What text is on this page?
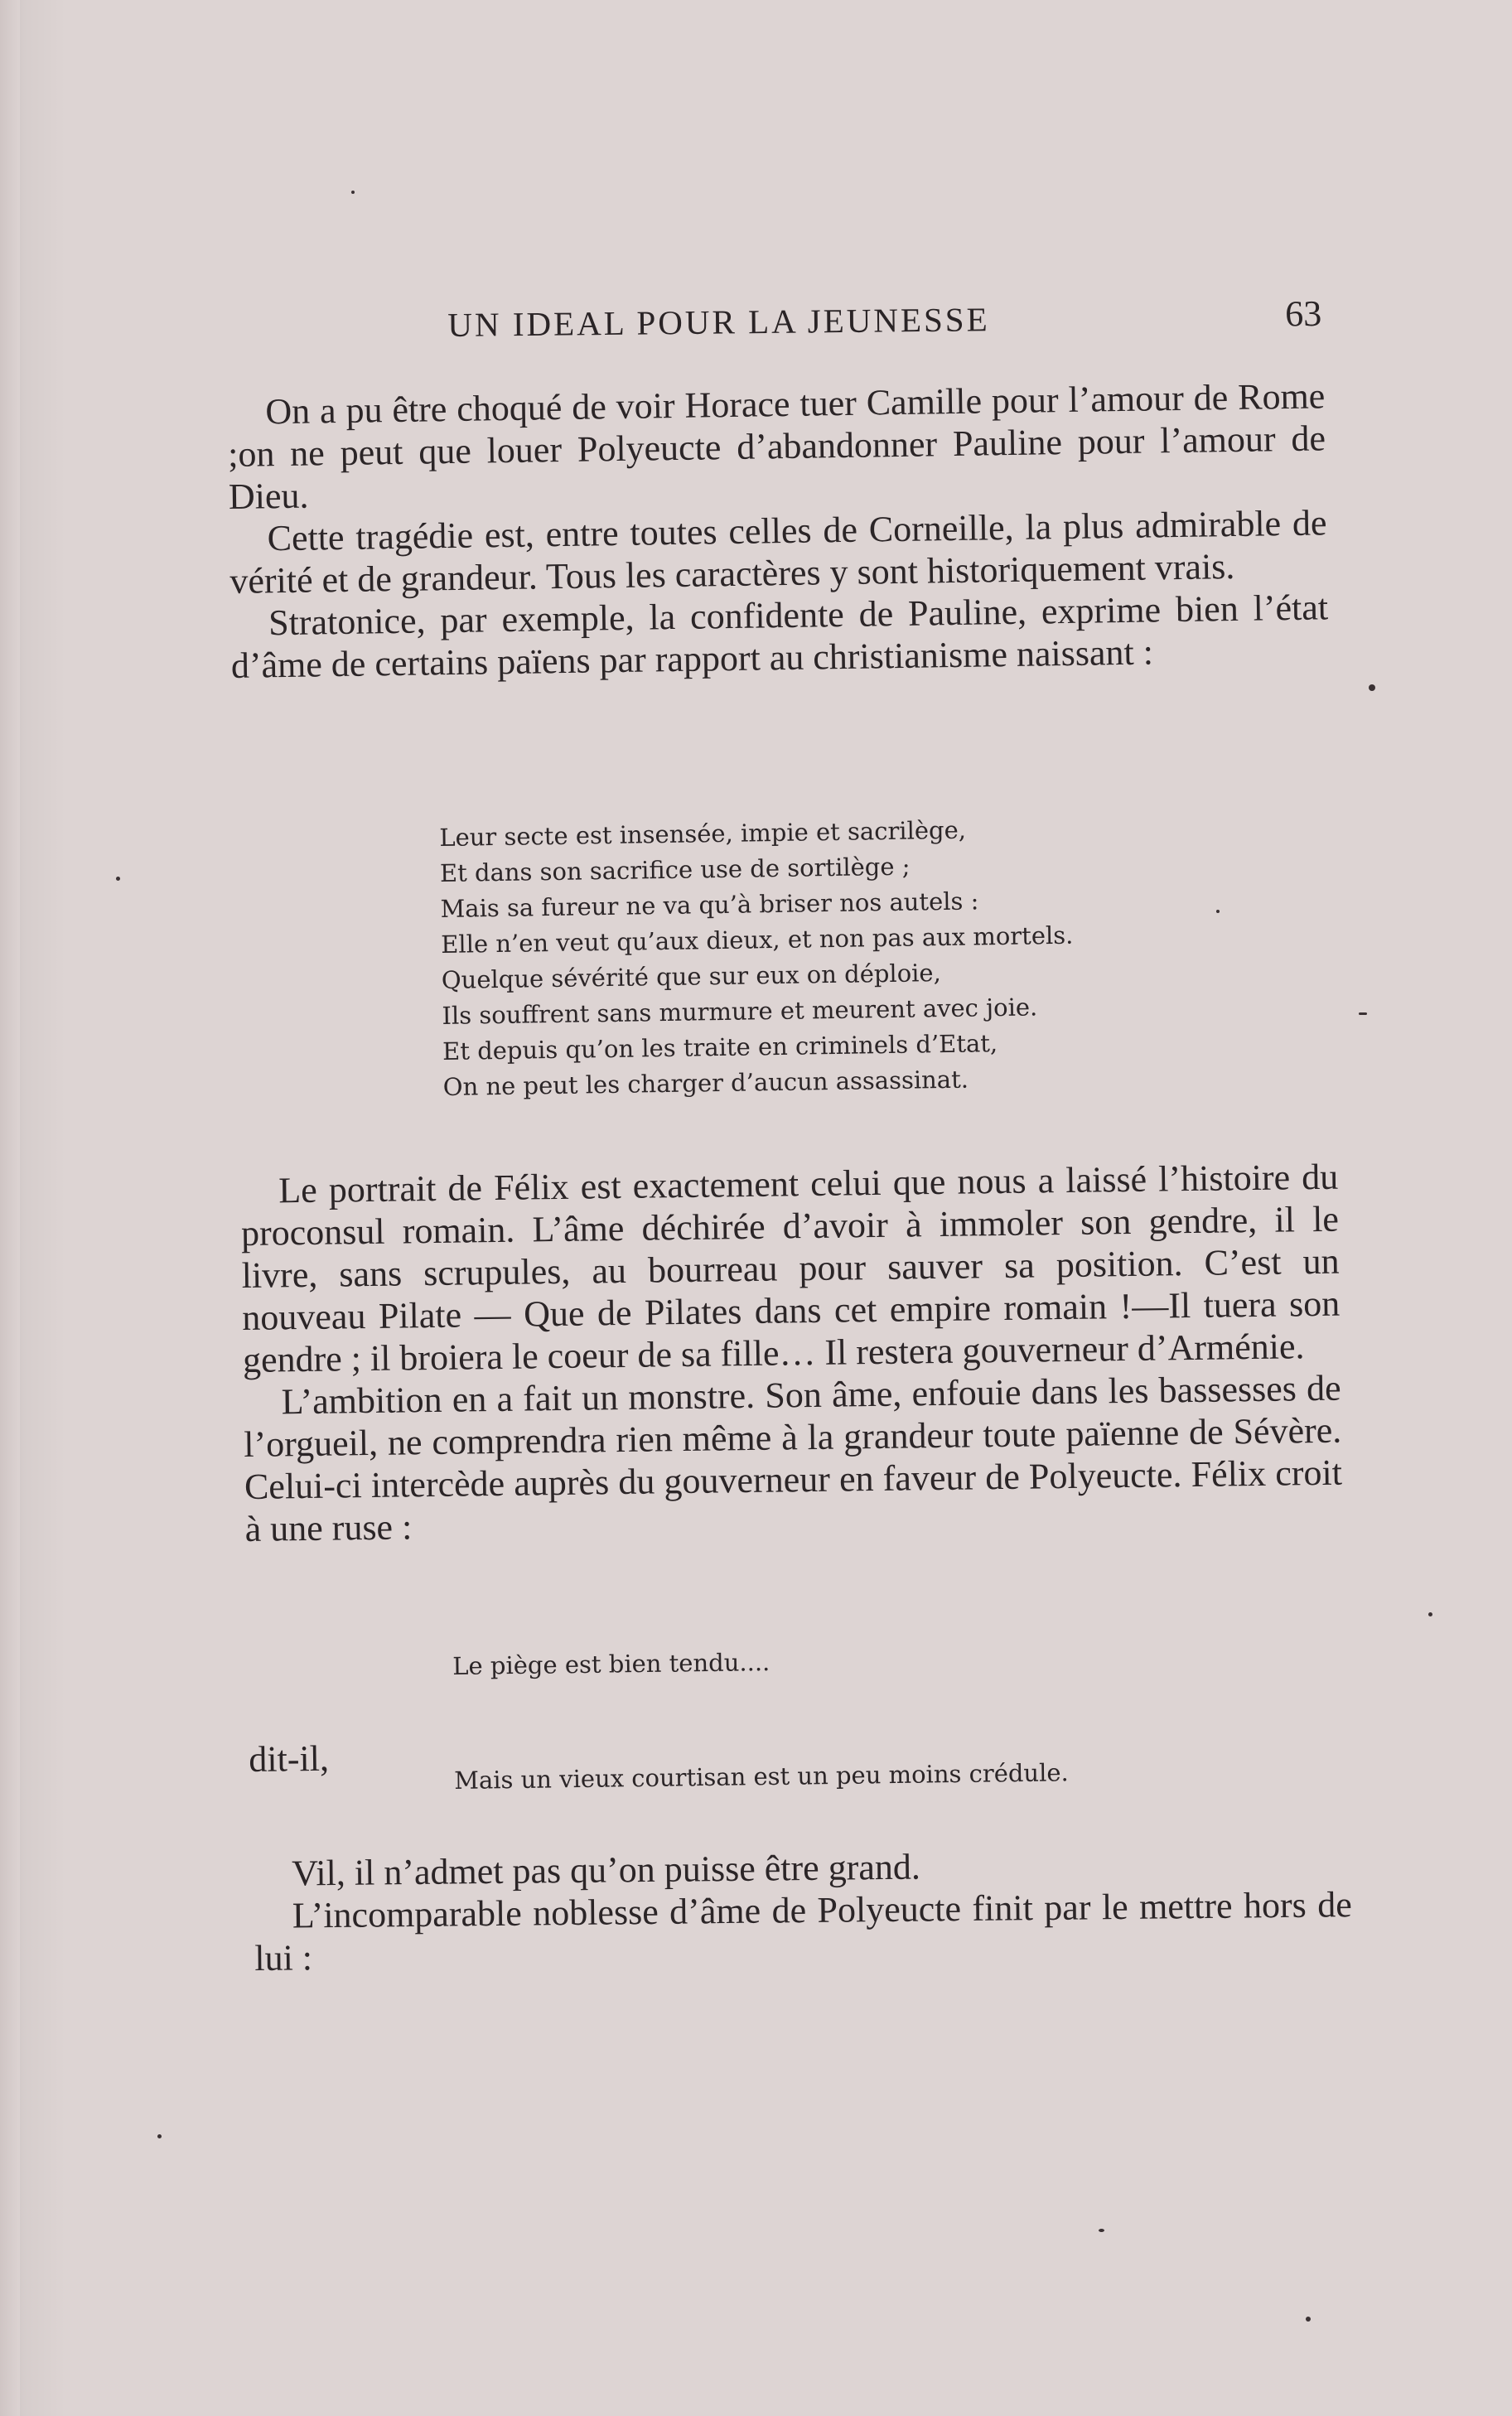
UN IDEAL POUR LA JEUNESSE	63

On a pu être choqué de voir Horace tuer Camille pour l’amour de Rome ;on ne peut que louer Polyeucte d’abandonner Pauline pour l’amour de Dieu.

Cette tragédie est, entre toutes celles de Corneille, la plus admirable de vérité et de grandeur. Tous les caractères y sont historiquement vrais.

Stratonice, par exemple, la confidente de Pauline, exprime bien l’état d’âme de certains païens par rapport au christianisme naissant :

Leur secte est insensée, impie et sacrilège,
Et dans son sacrifice use de sortilège ;
Mais sa fureur ne va qu’à briser nos autels :
Elle n’en veut qu’aux dieux, et non pas aux mortels.
Quelque sévérité que sur eux on déploie,
Ils souffrent sans murmure et meurent avec joie.
Et depuis qu’on les traite en criminels d’Etat,
On ne peut les charger d’aucun assassinat.

Le portrait de Félix est exactement celui que nous a laissé l’histoire du proconsul romain. L’âme déchirée d’avoir à immoler son gendre, il le livre, sans scrupules, au bourreau pour sauver sa position. C’est un nouveau Pilate — Que de Pilates dans cet empire romain !—Il tuera son gendre ; il broiera le coeur de sa fille… Il restera gouverneur d’Arménie.

L’ambition en a fait un monstre. Son âme, enfouie dans les bassesses de l’orgueil, ne comprendra rien même à la grandeur toute païenne de Sévère. Celui-ci intercède auprès du gouverneur en faveur de Polyeucte. Félix croit à une ruse :

Le piège est bien tendu....
dit-il,	Mais un vieux courtisan est un peu moins crédule.

Vil, il n’admet pas qu’on puisse être grand.

L’incomparable noblesse d’âme de Polyeucte finit par le mettre hors de lui :
